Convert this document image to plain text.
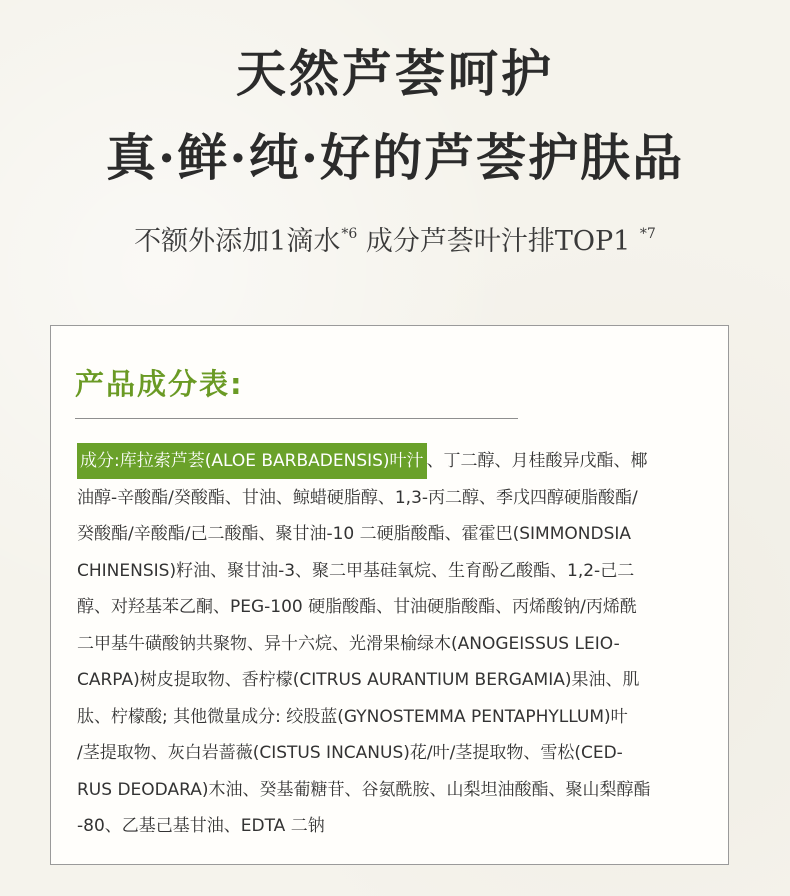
天然芦荟呵护
真·鲜·纯·好的芦荟护肤品
不额外添加1滴水$^{*6}$ 成分芦荟叶汁排TOP1 $^{*7}$
产品成分表:
成分:库拉索芦荟(ALOE BARBADENSIS)叶汁 、丁二醇、月桂酸异戊酯、椰
油醇-辛酸酯/癸酸酯、甘油、鲸蜡硬脂醇、1,3-丙二醇、季戊四醇硬脂酸酯/
癸酸酯/辛酸酯/己二酸酯、聚甘油-10 二硬脂酸酯、霍霍巴(SIMMONDSIA
CHINENSIS)籽油、聚甘油-3、聚二甲基硅氧烷、生育酚乙酸酯、1,2-己二
醇、对羟基苯乙酮、PEG-100 硬脂酸酯、甘油硬脂酸酯、丙烯酸钠/丙烯酰
二甲基牛磺酸钠共聚物、异十六烷、光滑果榆绿木(ANOGEISSUS LEIO-
CARPA)树皮提取物、香柠檬(CITRUS AURANTIUM BERGAMIA)果油、肌
肽、柠檬酸; 其他微量成分: 绞股蓝(GYNOSTEMMA PENTAPHYLLUM)叶
/茎提取物、灰白岩蔷薇(CISTUS INCANUS)花/叶/茎提取物、雪松(CED-
RUS DEODARA)木油、癸基葡糖苷、谷氨酰胺、山梨坦油酸酯、聚山梨醇酯
-80、乙基己基甘油、EDTA 二钠
